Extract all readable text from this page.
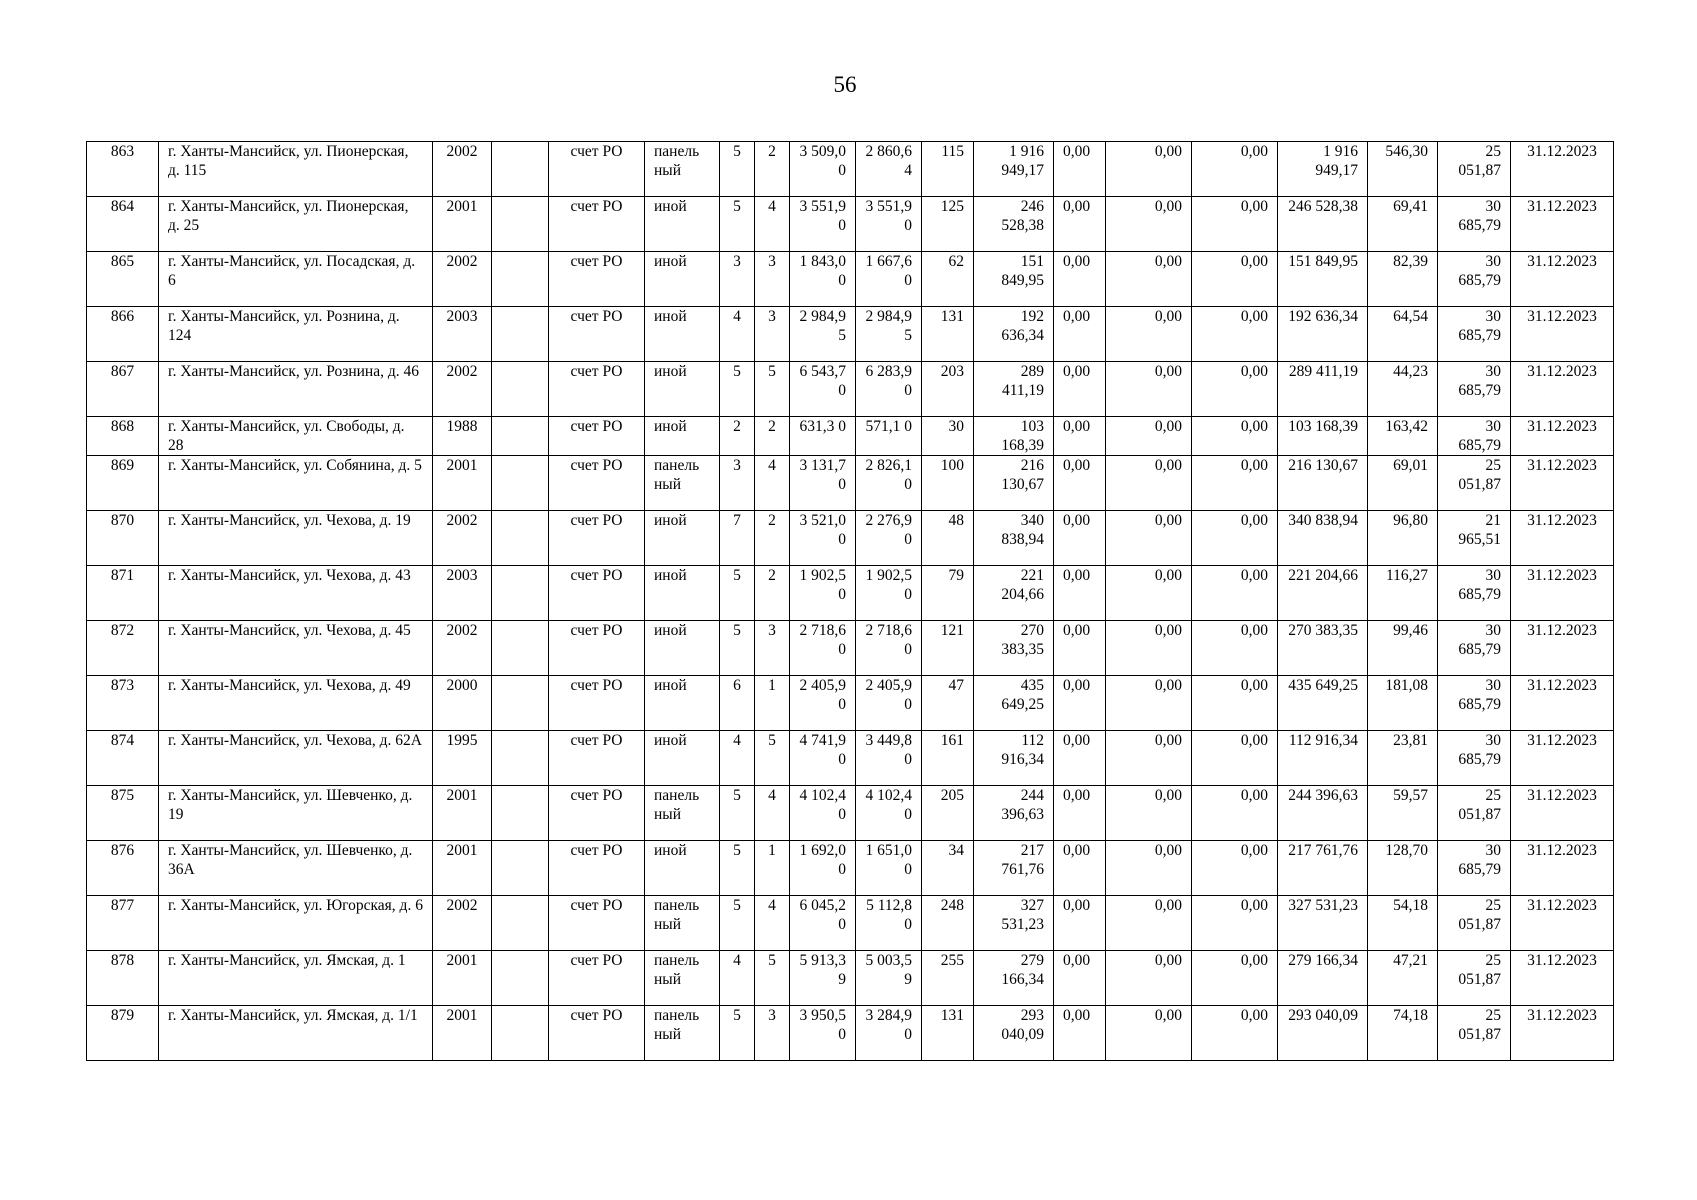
56
863	г. Ханты-Мансийск, ул. Пионерская, д. 115	2002		счет РО	панель ный	5	2	3 509,0 0	2 860,6 4	115	1 916 949,17	0,00	0,00	0,00	1 916 949,17	546,30	25 051,87	31.12.2023
864	г. Ханты-Мансийск, ул. Пионерская, д. 25	2001		счет РО	иной	5	4	3 551,9 0	3 551,9 0	125	246 528,38	0,00	0,00	0,00	246 528,38	69,41	30 685,79	31.12.2023
865	г. Ханты-Мансийск, ул. Посадская, д. 6	2002		счет РО	иной	3	3	1 843,0 0	1 667,6 0	62	151 849,95	0,00	0,00	0,00	151 849,95	82,39	30 685,79	31.12.2023
866	г. Ханты-Мансийск, ул. Рознина, д. 124	2003		счет РО	иной	4	3	2 984,9 5	2 984,9 5	131	192 636,34	0,00	0,00	0,00	192 636,34	64,54	30 685,79	31.12.2023
867	г. Ханты-Мансийск, ул. Рознина, д. 46	2002		счет РО	иной	5	5	6 543,7 0	6 283,9 0	203	289 411,19	0,00	0,00	0,00	289 411,19	44,23	30 685,79	31.12.2023
868	г. Ханты-Мансийск, ул. Свободы, д. 28	1988		счет РО	иной	2	2	631,3 0	571,1 0	30	103 168,39	0,00	0,00	0,00	103 168,39	163,42	30 685,79	31.12.2023
869	г. Ханты-Мансийск, ул. Собянина, д. 5	2001		счет РО	панель ный	3	4	3 131,7 0	2 826,1 0	100	216 130,67	0,00	0,00	0,00	216 130,67	69,01	25 051,87	31.12.2023
870	г. Ханты-Мансийск, ул. Чехова, д. 19	2002		счет РО	иной	7	2	3 521,0 0	2 276,9 0	48	340 838,94	0,00	0,00	0,00	340 838,94	96,80	21 965,51	31.12.2023
871	г. Ханты-Мансийск, ул. Чехова, д. 43	2003		счет РО	иной	5	2	1 902,5 0	1 902,5 0	79	221 204,66	0,00	0,00	0,00	221 204,66	116,27	30 685,79	31.12.2023
872	г. Ханты-Мансийск, ул. Чехова, д. 45	2002		счет РО	иной	5	3	2 718,6 0	2 718,6 0	121	270 383,35	0,00	0,00	0,00	270 383,35	99,46	30 685,79	31.12.2023
873	г. Ханты-Мансийск, ул. Чехова, д. 49	2000		счет РО	иной	6	1	2 405,9 0	2 405,9 0	47	435 649,25	0,00	0,00	0,00	435 649,25	181,08	30 685,79	31.12.2023
874	г. Ханты-Мансийск, ул. Чехова, д. 62А	1995		счет РО	иной	4	5	4 741,9 0	3 449,8 0	161	112 916,34	0,00	0,00	0,00	112 916,34	23,81	30 685,79	31.12.2023
875	г. Ханты-Мансийск, ул. Шевченко, д. 19	2001		счет РО	панель ный	5	4	4 102,4 0	4 102,4 0	205	244 396,63	0,00	0,00	0,00	244 396,63	59,57	25 051,87	31.12.2023
876	г. Ханты-Мансийск, ул. Шевченко, д. 36А	2001		счет РО	иной	5	1	1 692,0 0	1 651,0 0	34	217 761,76	0,00	0,00	0,00	217 761,76	128,70	30 685,79	31.12.2023
877	г. Ханты-Мансийск, ул. Югорская, д. 6	2002		счет РО	панель ный	5	4	6 045,2 0	5 112,8 0	248	327 531,23	0,00	0,00	0,00	327 531,23	54,18	25 051,87	31.12.2023
878	г. Ханты-Мансийск, ул. Ямская, д. 1	2001		счет РО	панель ный	4	5	5 913,3 9	5 003,5 9	255	279 166,34	0,00	0,00	0,00	279 166,34	47,21	25 051,87	31.12.2023
879	г. Ханты-Мансийск, ул. Ямская, д. 1/1	2001		счет РО	панель ный	5	3	3 950,5 0	3 284,9 0	131	293 040,09	0,00	0,00	0,00	293 040,09	74,18	25 051,87	31.12.2023
